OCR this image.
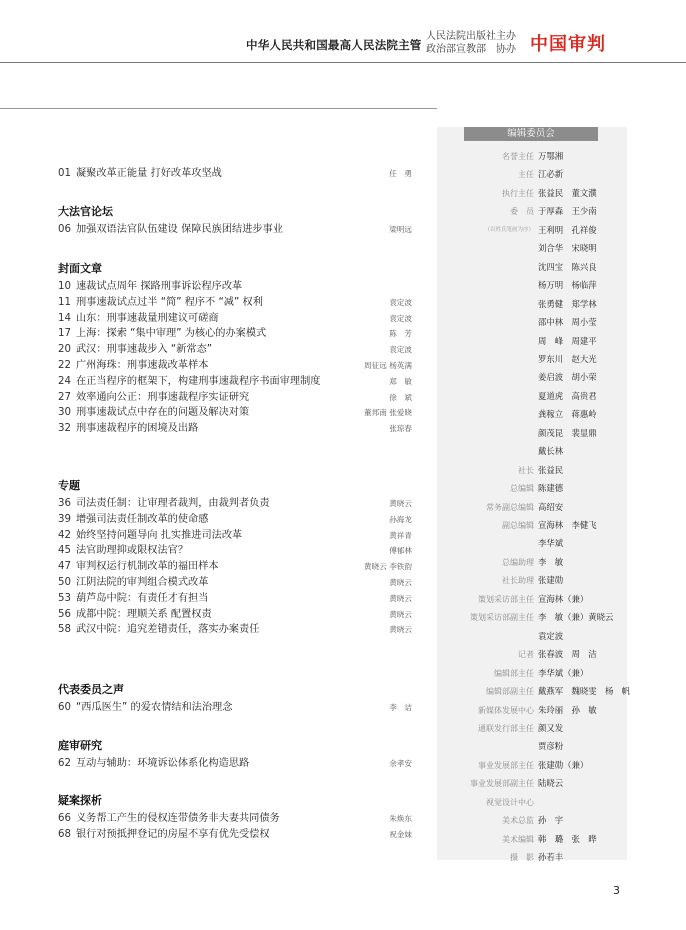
中华人民共和国最高人民法院主管
人民法院出版社主办
政治部宣教部　协办 中国审判
01 凝聚改革正能量 打好改革攻坚战	任　勇
大法官论坛
06 加强双语法官队伍建设 保障民族团结进步事业	梁明远
封面文章
10 速裁试点周年 探路刑事诉讼程序改革
11 刑事速裁试点过半 “简” 程序不 “减” 权利	袁定波
14 山东：刑事速裁量刑建议可磋商	袁定波
17 上海：探索 “集中审理” 为核心的办案模式	陈　芳
20 武汉：刑事速裁步入 “新常态”	袁定波
22 广州海珠：刑事速裁改革样本	周征远 杨英满
24 在正当程序的框架下，构建刑事速裁程序书面审理制度	郑　敏
27 效率通向公正：刑事速裁程序实证研究	徐　斌
30 刑事速裁试点中存在的问题及解决对策	董邦南 张爱晓
32 刑事速裁程序的困境及出路	张琼春
专题
36 司法责任制：让审理者裁判，由裁判者负责	黄晓云
39 增强司法责任制改革的使命感	孙海龙
42 始终坚持问题导向 扎实推进司法改革	黄祥青
45 法官助理抑或限权法官？	傅郁林
47 审判权运行机制改革的福田样本	黄晓云 李铁韵
50 江阴法院的审判组合模式改革	黄晓云
53 葫芦岛中院：有责任才有担当	黄晓云
56 成都中院：理顺关系 配置权责	黄晓云
58 武汉中院：追究差错责任，落实办案责任	黄晓云
代表委员之声
60 “西瓜医生” 的爱农情结和法治理念	李　诘
庭审研究
62 互动与辅助：环境诉讼体系化构造思路	余孝安
疑案探析
66 义务帮工产生的侵权连带债务非夫妻共同债务	朱焕东
68 银行对预抵押登记的房屋不享有优先受偿权	祝金妹
编辑委员会
名誉主任 万鄂湘
主任 江必新
执行主任 张益民　董文濮
委　员 于厚森　王少南
（以姓氏笔画为序） 王利明　孔祥俊
刘合华　宋晓明
沈四宝　陈兴良
杨万明　杨临萍
张勇健　郑学林
邵中林　周小莹
周　峰　周建平
罗东川　赵大光
姜启波　胡小荣
夏道虎　高贵君
龚稼立　蒋惠岭
颜茂昆　裴显鼎
戴长林
社长 张益民
总编辑 陈建德
常务副总编辑 高绍安
副总编辑 宣海林　李健飞
李华斌
总编助理 李　敏
社长助理 张建勋
策划采访部主任 宣海林（兼）
策划采访部副主任 李　敏（兼）黄晓云
袁定波
记者 张春波　周　洁
编辑部主任 李华斌（兼）
编辑部副主任 戴燕军　魏晓雯　杨　帆
新媒体发展中心 朱玲丽　孙　敏
通联发行部主任 颜又发
贾彦粉
事业发展部主任 张建勋（兼）
事业发展部副主任 陆晓云
视觉设计中心
美术总监 孙　宇
美术编辑 韩　璐　张　晔
摄　影 孙若丰
3
